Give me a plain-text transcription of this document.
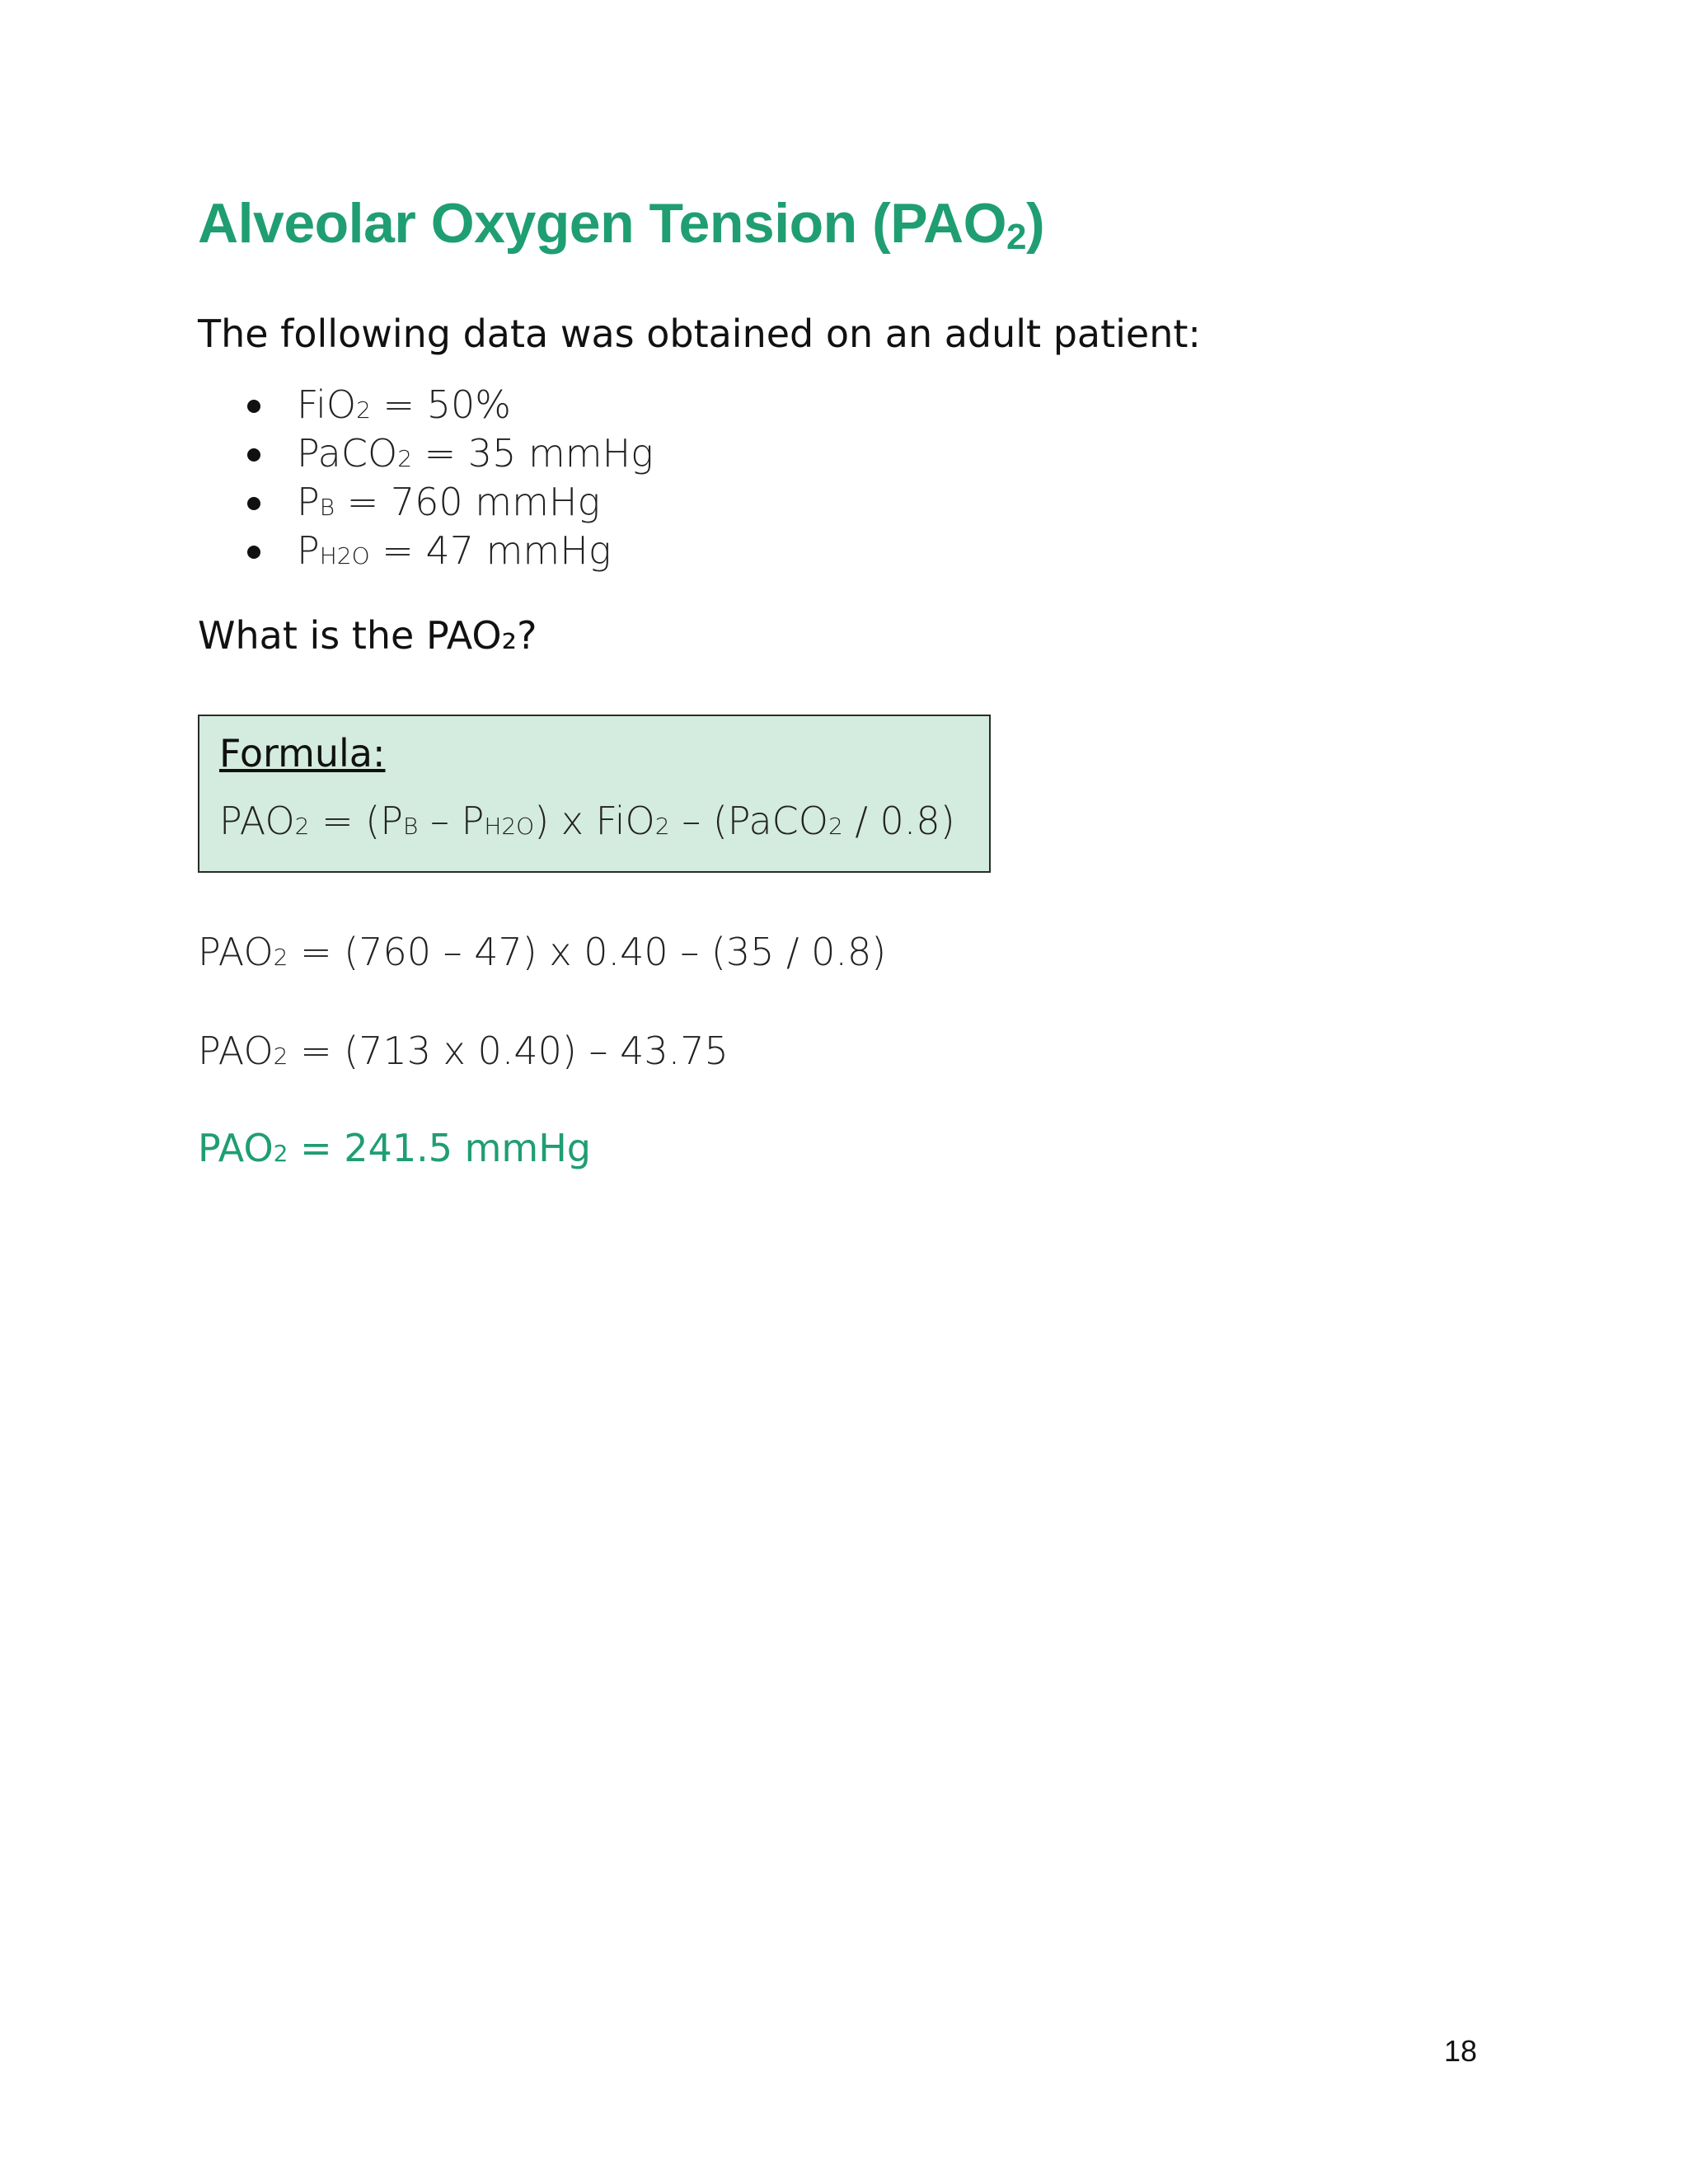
Alveolar Oxygen Tension $(PAO_2)$

The following data was obtained on an adult patient:

FiO2 = 50%
PaCO2 = 35 mmHg
PB = 760 mmHg
PH2O = 47 mmHg

What is the PAO₂?

Formula:

PAO2 = (PB – PH2O) x FiO2 – (PaCO2 / 0.8)

PAO2 = (760 – 47) x 0.40 – (35 / 0.8)

PAO2 = (713 x 0.40) – 43.75

PAO2 = 241.5 mmHg

18
